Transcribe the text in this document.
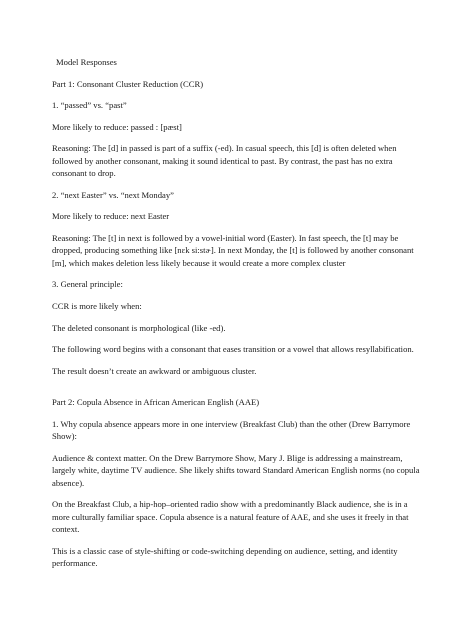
Model Responses

Part 1: Consonant Cluster Reduction (CCR)

1. “passed” vs. “past”

More likely to reduce: passed : [pæst]

Reasoning: The [d] in passed is part of a suffix (-ed). In casual speech, this [d] is often deleted when followed by another consonant, making it sound identical to past. By contrast, the past has no extra consonant to drop.

2. “next Easter” vs. “next Monday”

More likely to reduce: next Easter

Reasoning: The [t] in next is followed by a vowel-initial word (Easter). In fast speech, the [t] may be dropped, producing something like [nɛk si:stɚ]. In next Monday, the [t] is followed by another consonant [m], which makes deletion less likely because it would create a more complex cluster

3. General principle:

CCR is more likely when:

The deleted consonant is morphological (like -ed).

The following word begins with a consonant that eases transition or a vowel that allows resyllabification.

The result doesn’t create an awkward or ambiguous cluster.

Part 2: Copula Absence in African American English (AAE)

1. Why copula absence appears more in one interview (Breakfast Club) than the other (Drew Barrymore Show):

Audience & context matter. On the Drew Barrymore Show, Mary J. Blige is addressing a mainstream, largely white, daytime TV audience. She likely shifts toward Standard American English norms (no copula absence).

On the Breakfast Club, a hip-hop–oriented radio show with a predominantly Black audience, she is in a more culturally familiar space. Copula absence is a natural feature of AAE, and she uses it freely in that context.

This is a classic case of style-shifting or code-switching depending on audience, setting, and identity performance.
